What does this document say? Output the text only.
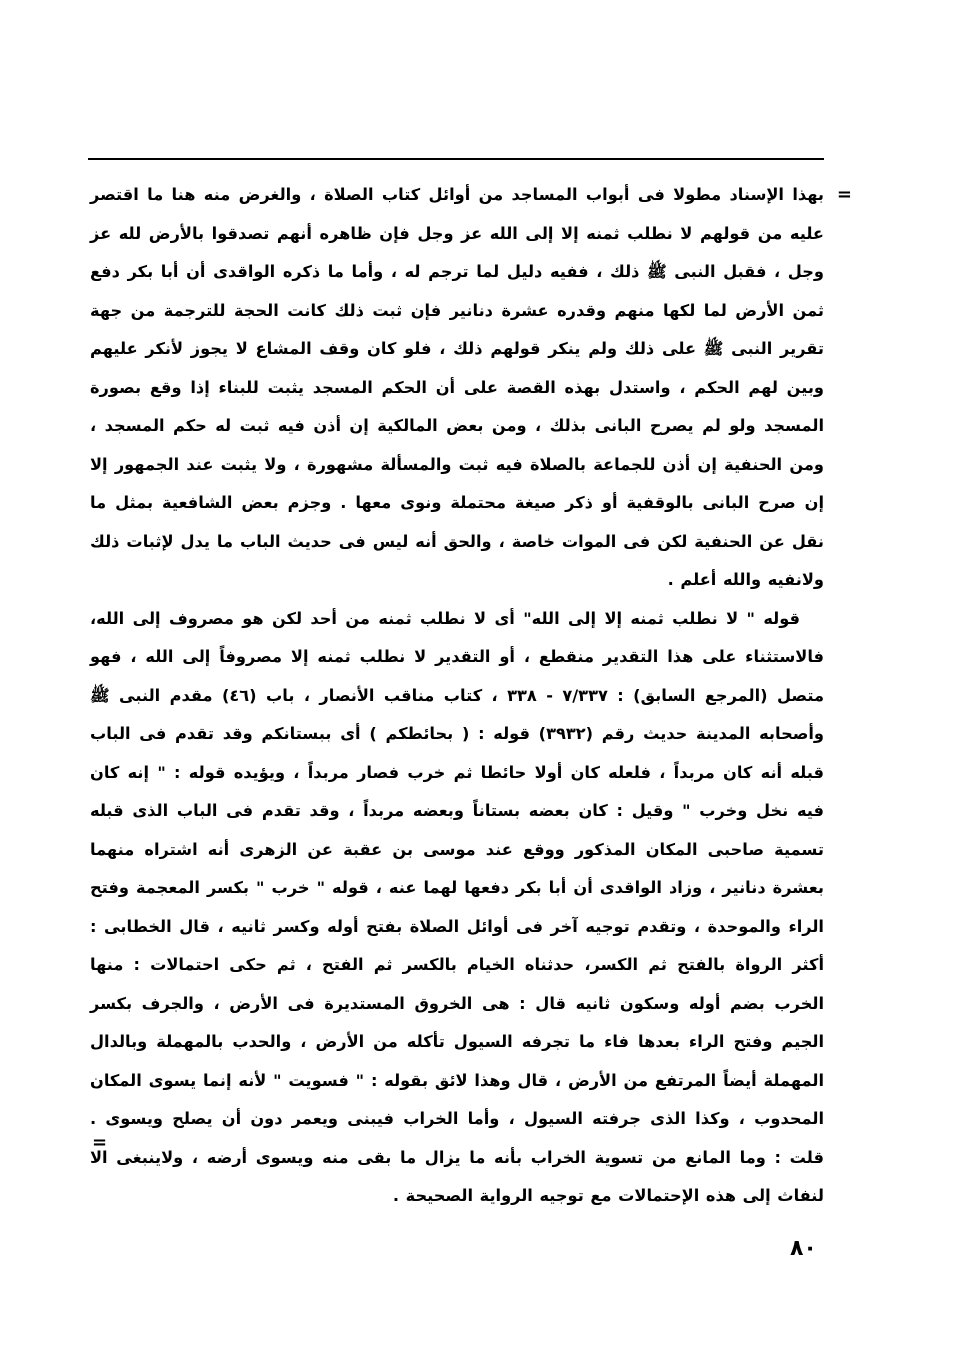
=

بهذا الإسناد مطولا فى أبواب المساجد من أوائل كتاب الصلاة ، والغرض منه هنا ما اقتصر عليه من قولهم لا نطلب ثمنه إلا إلى الله عز وجل فإن ظاهره أنهم تصدقوا بالأرض لله عز وجل ، فقبل النبى ﷺ ذلك ، ففيه دليل لما ترجم له ، وأما ما ذكره الواقدى أن أبا بكر دفع ثمن الأرض لما لكها منهم وقدره عشرة دنانير فإن ثبت ذلك كانت الحجة للترجمة من جهة تقرير النبى ﷺ على ذلك ولم ينكر قولهم ذلك ، فلو كان وقف المشاع لا يجوز لأنكر عليهم وبين لهم الحكم ، واستدل بهذه القصة على أن الحكم المسجد يثبت للبناء إذا وقع بصورة المسجد ولو لم يصرح البانى بذلك ، ومن بعض المالكية إن أذن فيه ثبت له حكم المسجد ، ومن الحنفية إن أذن للجماعة بالصلاة فيه ثبت والمسألة مشهورة ، ولا يثبت عند الجمهور إلا إن صرح البانى بالوقفية أو ذكر صيغة محتملة ونوى معها . وجزم بعض الشافعية بمثل ما نقل عن الحنفية لكن فى الموات خاصة ، والحق أنه ليس فى حديث الباب ما يدل لإثبات ذلك ولانفيه والله أعلم .

قوله " لا نطلب ثمنه إلا إلى الله" أى لا نطلب ثمنه من أحد لكن هو مصروف إلى الله، فالاستثناء على هذا التقدير منقطع ، أو التقدير لا نطلب ثمنه إلا مصروفاً إلى الله ، فهو متصل (المرجع السابق) : ٧/٣٣٧ - ٣٣٨ ، كتاب مناقب الأنصار ، باب (٤٦) مقدم النبى ﷺ وأصحابه المدينة حديث رقم (٣٩٣٢) قوله : ( بحائطكم ) أى ببستانكم وقد تقدم فى الباب قبله أنه كان مربداً ، فلعله كان أولا حائطا ثم خرب فصار مربداً ، ويؤيده قوله : " إنه كان فيه نخل وخرب " وقيل : كان بعضه بستاناً وبعضه مربداً ، وقد تقدم فى الباب الذى قبله تسمية صاحبى المكان المذكور ووقع عند موسى بن عقبة عن الزهرى أنه اشتراه منهما بعشرة دنانير ، وزاد الواقدى أن أبا بكر دفعها لهما عنه ، قوله " خرب " بكسر المعجمة وفتح الراء والموحدة ، وتقدم توجيه آخر فى أوائل الصلاة بفتح أوله وكسر ثانيه ، قال الخطابى : أكثر الرواة بالفتح ثم الكسر، حدثناه الخيام بالكسر ثم الفتح ، ثم حكى احتمالات : منها الخرب بضم أوله وسكون ثانيه قال : هى الخروق المستديرة فى الأرض ، والجرف بكسر الجيم وفتح الراء بعدها فاء ما تجرفه السيول تأكله من الأرض ، والحدب بالمهملة وبالدال المهملة أيضاً المرتفع من الأرض ، قال وهذا لائق بقوله : " فسويت " لأنه إنما يسوى المكان المحدوب ، وكذا الذى جرفته السيول ، وأما الخراب فيبنى ويعمر دون أن يصلح ويسوى . قلت : وما المانع من تسوية الخراب بأنه ما يزال ما بقى منه ويسوى أرضه ، ولاينبغى الا لنفاث إلى هذه الإحتمالات مع توجيه الرواية الصحيحة .

=
٨٠
